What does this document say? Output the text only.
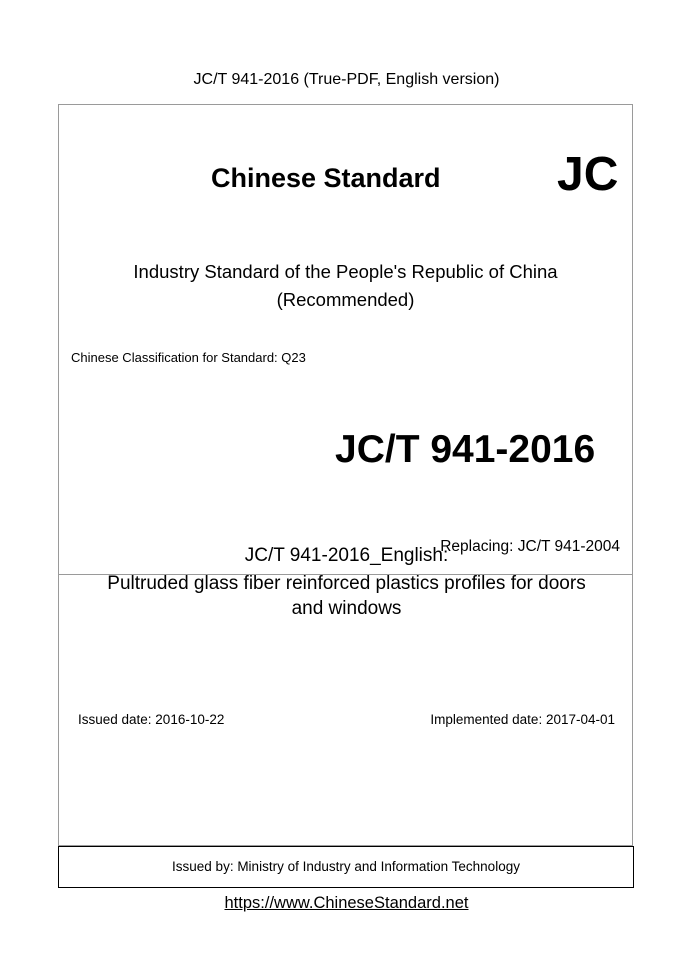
JC/T 941-2016 (True-PDF, English version)
Chinese Standard JC
Industry Standard of the People's Republic of China
(Recommended)
Chinese Classification for Standard: Q23
JC/T 941-2016
Replacing: JC/T 941-2004
JC/T 941-2016_English:
Pultruded glass fiber reinforced plastics profiles for doors
and windows
Issued date: 2016-10-22	Implemented date: 2017-04-01
Issued by: Ministry of Industry and Information Technology
https://www.ChineseStandard.net
